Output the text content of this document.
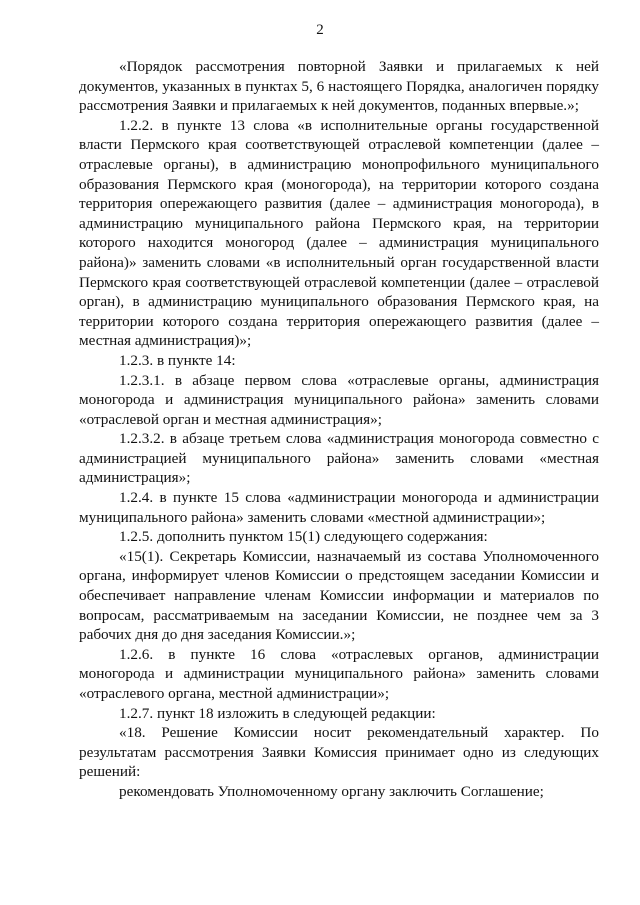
2

«Порядок рассмотрения повторной Заявки и прилагаемых к ней документов, указанных в пунктах 5, 6 настоящего Порядка, аналогичен порядку рассмотрения Заявки и прилагаемых к ней документов, поданных впервые.»;

1.2.2. в пункте 13 слова «в исполнительные органы государственной власти Пермского края соответствующей отраслевой компетенции (далее – отраслевые органы), в администрацию монопрофильного муниципального образования Пермского края (моногорода), на территории которого создана территория опережающего развития (далее – администрация моногорода), в администрацию муниципального района Пермского края, на территории которого находится моногород (далее – администрация муниципального района)» заменить словами «в исполнительный орган государственной власти Пермского края соответствующей отраслевой компетенции (далее – отраслевой орган), в администрацию муниципального образования Пермского края, на территории которого создана территория опережающего развития (далее – местная администрация)»;

1.2.3. в пункте 14:

1.2.3.1. в абзаце первом слова «отраслевые органы, администрация моногорода и администрация муниципального района» заменить словами «отраслевой орган и местная администрация»;

1.2.3.2. в абзаце третьем слова «администрация моногорода совместно с администрацией муниципального района» заменить словами «местная администрация»;

1.2.4. в пункте 15 слова «администрации моногорода и администрации муниципального района» заменить словами «местной администрации»;

1.2.5. дополнить пунктом 15(1) следующего содержания:

«15(1). Секретарь Комиссии, назначаемый из состава Уполномоченного органа, информирует членов Комиссии о предстоящем заседании Комиссии и обеспечивает направление членам Комиссии информации и материалов по вопросам, рассматриваемым на заседании Комиссии, не позднее чем за 3 рабочих дня до дня заседания Комиссии.»;

1.2.6. в пункте 16 слова «отраслевых органов, администрации моногорода и администрации муниципального района» заменить словами «отраслевого органа, местной администрации»;

1.2.7. пункт 18 изложить в следующей редакции:

«18. Решение Комиссии носит рекомендательный характер. По результатам рассмотрения Заявки Комиссия принимает одно из следующих решений:

рекомендовать Уполномоченному органу заключить Соглашение;
